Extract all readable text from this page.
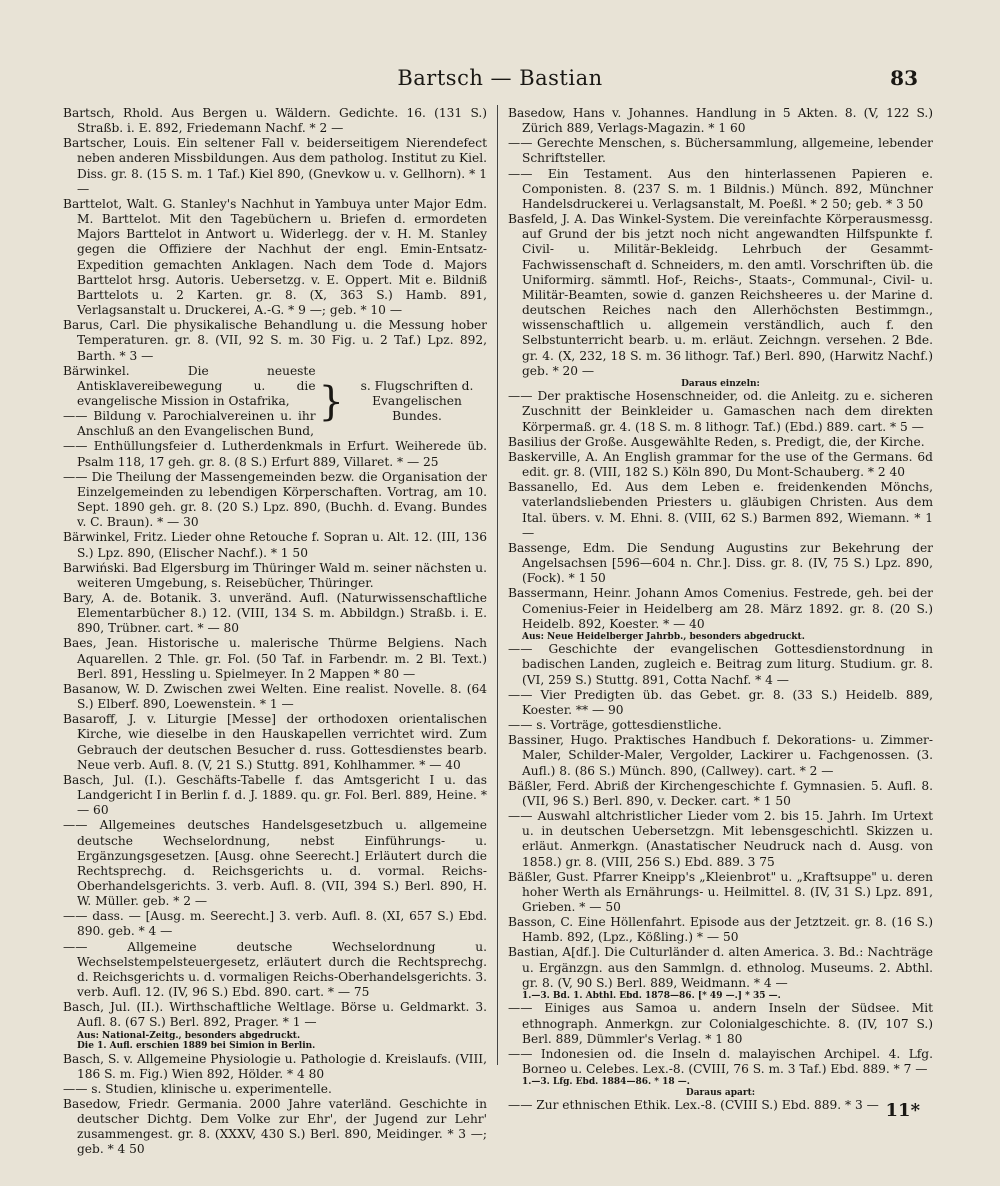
Bartsch — Bastian	83

Bartsch, Rhold. Aus Bergen u. Wäldern. Gedichte. 16. (131 S.) Straßb. i. E. 892, Friedemann Nachf. * 2 —

Bartscher, Louis. Ein seltener Fall v. beiderseitigem Nierendefect neben anderen Missbildungen. Aus dem patholog. Institut zu Kiel. Diss. gr. 8. (15 S. m. 1 Taf.) Kiel 890, (Gnevkow u. v. Gellhorn). * 1 —

Barttelot, Walt. G. Stanley's Nachhut in Yambuya unter Major Edm. M. Barttelot. Mit den Tagebüchern u. Briefen d. ermordeten Majors Barttelot in Antwort u. Widerlegg. der v. H. M. Stanley gegen die Offiziere der Nachhut der engl. Emin-Entsatz-Expedition gemachten Anklagen. Nach dem Tode d. Majors Barttelot hrsg. Autoris. Uebersetzg. v. E. Oppert. Mit e. Bildniß Barttelots u. 2 Karten. gr. 8. (X, 363 S.) Hamb. 891, Verlagsanstalt u. Druckerei, A.-G. * 9 —; geb. * 10 —

Barus, Carl. Die physikalische Behandlung u. die Messung hober Temperaturen. gr. 8. (VII, 92 S. m. 30 Fig. u. 2 Taf.) Lpz. 892, Barth. * 3 —

Bärwinkel. Die neueste Antisklavereibewegung u. die evangelische Mission in Ostafrika,

—— Bildung v. Parochialvereinen u. ihr Anschluß an den Evangelischen Bund,

}	s. Flugschriften d. Evangelischen Bundes.

—— Enthüllungsfeier d. Lutherdenkmals in Erfurt. Weiherede üb. Psalm 118, 17 geh. gr. 8. (8 S.) Erfurt 889, Villaret. * — 25

—— Die Theilung der Massengemeinden bezw. die Organisation der Einzelgemeinden zu lebendigen Körperschaften. Vortrag, am 10. Sept. 1890 geh. gr. 8. (20 S.) Lpz. 890, (Buchh. d. Evang. Bundes v. C. Braun). * — 30

Bärwinkel, Fritz. Lieder ohne Retouche f. Sopran u. Alt. 12. (III, 136 S.) Lpz. 890, (Elischer Nachf.). * 1 50

Barwiński. Bad Elgersburg im Thüringer Wald m. seiner nächsten u. weiteren Umgebung, s. Reisebücher, Thüringer.

Bary, A. de. Botanik. 3. unveränd. Aufl. (Naturwissenschaftliche Elementarbücher 8.) 12. (VIII, 134 S. m. Abbildgn.) Straßb. i. E. 890, Trübner. cart. * — 80

Baes, Jean. Historische u. malerische Thürme Belgiens. Nach Aquarellen. 2 Thle. gr. Fol. (50 Taf. in Farbendr. m. 2 Bl. Text.) Berl. 891, Hessling u. Spielmeyer. In 2 Mappen * 80 —

Basanow, W. D. Zwischen zwei Welten. Eine realist. Novelle. 8. (64 S.) Elberf. 890, Loewenstein. * 1 —

Basaroff, J. v. Liturgie [Messe] der orthodoxen orientalischen Kirche, wie dieselbe in den Hauskapellen verrichtet wird. Zum Gebrauch der deutschen Besucher d. russ. Gottesdienstes bearb. Neue verb. Aufl. 8. (V, 21 S.) Stuttg. 891, Kohlhammer. * — 40

Basch, Jul. (I.). Geschäfts-Tabelle f. das Amtsgericht I u. das Landgericht I in Berlin f. d. J. 1889. qu. gr. Fol. Berl. 889, Heine. * — 60

—— Allgemeines deutsches Handelsgesetzbuch u. allgemeine deutsche Wechselordnung, nebst Einführungs- u. Ergänzungsgesetzen. [Ausg. ohne Seerecht.] Erläutert durch die Rechtsprechg. d. Reichsgerichts u. d. vormal. Reichs-Oberhandelsgerichts. 3. verb. Aufl. 8. (VII, 394 S.) Berl. 890, H. W. Müller. geb. * 2 —

—— dass. — [Ausg. m. Seerecht.] 3. verb. Aufl. 8. (XI, 657 S.) Ebd. 890. geb. * 4 —

—— Allgemeine deutsche Wechselordnung u. Wechselstempelsteuergesetz, erläutert durch die Rechtsprechg. d. Reichsgerichts u. d. vormaligen Reichs-Oberhandelsgerichts. 3. verb. Aufl. 12. (IV, 96 S.) Ebd. 890. cart. * — 75

Basch, Jul. (II.). Wirthschaftliche Weltlage. Börse u. Geldmarkt. 3. Aufl. 8. (67 S.) Berl. 892, Prager. * 1 —

Aus: National-Zeitg., besonders abgedruckt.

Die 1. Aufl. erschien 1889 bei Simion in Berlin.

Basch, S. v. Allgemeine Physiologie u. Pathologie d. Kreislaufs. (VIII, 186 S. m. Fig.) Wien 892, Hölder. * 4 80

—— s. Studien, klinische u. experimentelle.

Basedow, Friedr. Germania. 2000 Jahre vaterländ. Geschichte in deutscher Dichtg. Dem Volke zur Ehr', der Jugend zur Lehr' zusammengest. gr. 8. (XXXV, 430 S.) Berl. 890, Meidinger. * 3 —; geb. * 4 50

Basedow, Hans v. Johannes. Handlung in 5 Akten. 8. (V, 122 S.) Zürich 889, Verlags-Magazin. * 1 60

—— Gerechte Menschen, s. Büchersammlung, allgemeine, lebender Schriftsteller.

—— Ein Testament. Aus den hinterlassenen Papieren e. Componisten. 8. (237 S. m. 1 Bildnis.) Münch. 892, Münchner Handelsdruckerei u. Verlagsanstalt, M. Poeßl. * 2 50; geb. * 3 50

Basfeld, J. A. Das Winkel-System. Die vereinfachte Körperausmessg. auf Grund der bis jetzt noch nicht angewandten Hilfspunkte f. Civil- u. Militär-Bekleidg. Lehrbuch der Gesammt-Fachwissenschaft d. Schneiders, m. den amtl. Vorschriften üb. die Uniformirg. sämmtl. Hof-, Reichs-, Staats-, Communal-, Civil- u. Militär-Beamten, sowie d. ganzen Reichsheeres u. der Marine d. deutschen Reiches nach den Allerhöchsten Bestimmgn., wissenschaftlich u. allgemein verständlich, auch f. den Selbstunterricht bearb. u. m. erläut. Zeichngn. versehen. 2 Bde. gr. 4. (X, 232, 18 S. m. 36 lithogr. Taf.) Berl. 890, (Harwitz Nachf.) geb. * 20 —

Daraus einzeln:

—— Der praktische Hosenschneider, od. die Anleitg. zu e. sicheren Zuschnitt der Beinkleider u. Gamaschen nach dem direkten Körpermaß. gr. 4. (18 S. m. 8 lithogr. Taf.) (Ebd.) 889. cart. * 5 —

Basilius der Große. Ausgewählte Reden, s. Predigt, die, der Kirche.

Baskerville, A. An English grammar for the use of the Germans. 6d edit. gr. 8. (VIII, 182 S.) Köln 890, Du Mont-Schauberg. * 2 40

Bassanello, Ed. Aus dem Leben e. freidenkenden Mönchs, vaterlandsliebenden Priesters u. gläubigen Christen. Aus dem Ital. übers. v. M. Ehni. 8. (VIII, 62 S.) Barmen 892, Wiemann. * 1 —

Bassenge, Edm. Die Sendung Augustins zur Bekehrung der Angelsachsen [596—604 n. Chr.]. Diss. gr. 8. (IV, 75 S.) Lpz. 890, (Fock). * 1 50

Bassermann, Heinr. Johann Amos Comenius. Festrede, geh. bei der Comenius-Feier in Heidelberg am 28. März 1892. gr. 8. (20 S.) Heidelb. 892, Koester. * — 40

Aus: Neue Heidelberger Jahrbb., besonders abgedruckt.

—— Geschichte der evangelischen Gottesdienstordnung in badischen Landen, zugleich e. Beitrag zum liturg. Studium. gr. 8. (VI, 259 S.) Stuttg. 891, Cotta Nachf. * 4 —

—— Vier Predigten üb. das Gebet. gr. 8. (33 S.) Heidelb. 889, Koester. ** — 90

—— s. Vorträge, gottesdienstliche.

Bassiner, Hugo. Praktisches Handbuch f. Dekorations- u. Zimmer-Maler, Schilder-Maler, Vergolder, Lackirer u. Fachgenossen. (3. Aufl.) 8. (86 S.) Münch. 890, (Callwey). cart. * 2 —

Bäßler, Ferd. Abriß der Kirchengeschichte f. Gymnasien. 5. Aufl. 8. (VII, 96 S.) Berl. 890, v. Decker. cart. * 1 50

—— Auswahl altchristlicher Lieder vom 2. bis 15. Jahrh. Im Urtext u. in deutschen Uebersetzgn. Mit lebensgeschichtl. Skizzen u. erläut. Anmerkgn. (Anastatischer Neudruck nach d. Ausg. von 1858.) gr. 8. (VIII, 256 S.) Ebd. 889. 3 75

Bäßler, Gust. Pfarrer Kneipp's „Kleienbrot" u. „Kraftsuppe" u. deren hoher Werth als Ernährungs- u. Heilmittel. 8. (IV, 31 S.) Lpz. 891, Grieben. * — 50

Basson, C. Eine Höllenfahrt. Episode aus der Jetztzeit. gr. 8. (16 S.) Hamb. 892, (Lpz., Kößling.) * — 50

Bastian, A[df.]. Die Culturländer d. alten America. 3. Bd.: Nachträge u. Ergänzgn. aus den Sammlgn. d. ethnolog. Museums. 2. Abthl. gr. 8. (V, 90 S.) Berl. 889, Weidmann. * 4 —

1.—3. Bd. 1. Abthl. Ebd. 1878—86. [* 49 —.] * 35 —.

—— Einiges aus Samoa u. andern Inseln der Südsee. Mit ethnograph. Anmerkgn. zur Colonialgeschichte. 8. (IV, 107 S.) Berl. 889, Dümmler's Verlag. * 1 80

—— Indonesien od. die Inseln d. malayischen Archipel. 4. Lfg. Borneo u. Celebes. Lex.-8. (CVIII, 76 S. m. 3 Taf.) Ebd. 889. * 7 —

1.—3. Lfg. Ebd. 1884—86. * 18 —.

Daraus apart:

—— Zur ethnischen Ethik. Lex.-8. (CVIII S.) Ebd. 889. * 3 — 11*
